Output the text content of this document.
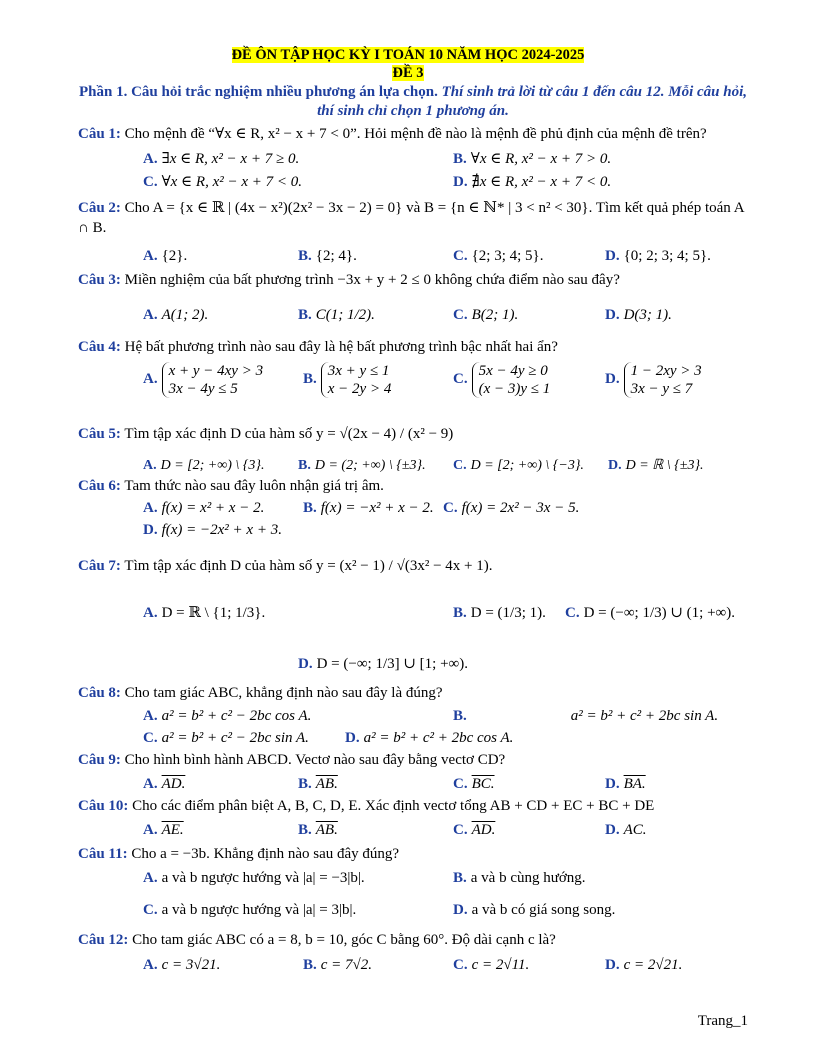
ĐỀ ÔN TẬP HỌC KỲ I TOÁN 10 NĂM HỌC 2024-2025
ĐỀ 3
Phần 1. Câu hỏi trắc nghiệm nhiều phương án lựa chọn. Thí sinh trả lời từ câu 1 đến câu 12. Mỗi câu hỏi, thí sinh chỉ chọn 1 phương án.
Câu 1: Cho mệnh đề “∀x ∈ R, x² − x + 7 < 0”. Hỏi mệnh đề nào là mệnh đề phủ định của mệnh đề trên?
A. ∃x ∈ R, x² − x + 7 ≥ 0.	B. ∀x ∈ R, x² − x + 7 > 0.
C. ∀x ∈ R, x² − x + 7 < 0.	D. ∄x ∈ R, x² − x + 7 < 0.
Câu 2: Cho A = {x ∈ ℝ | (4x − x²)(2x² − 3x − 2) = 0} và B = {n ∈ ℕ* | 3 < n² < 30}. Tìm kết quả phép toán A ∩ B.
A. {2}.	B. {2; 4}.	C. {2; 3; 4; 5}.	D. {0; 2; 3; 4; 5}.
Câu 3: Miền nghiệm của bất phương trình −3x + y + 2 ≤ 0 không chứa điểm nào sau đây?
A. A(1; 2).	B. C(1; 1/2).	C. B(2; 1).	D. D(3; 1).
Câu 4: Hệ bất phương trình nào sau đây là hệ bất phương trình bậc nhất hai ẩn?
A.
x + y − 4xy > 3
3x − 4y ≤ 5
B.
3x + y ≤ 1
x − 2y > 4
C.
5x − 4y ≥ 0
(x − 3)y ≤ 1
D.
1 − 2xy > 3
3x − y ≤ 7
Câu 5: Tìm tập xác định D của hàm số y = √(2x − 4) / (x² − 9)
A. D = [2; +∞) \ {3}. B. D = (2; +∞) \ {±3}. C. D = [2; +∞) \ {−3}. D. D = ℝ \ {±3}.
Câu 6: Tam thức nào sau đây luôn nhận giá trị âm.
A. f(x) = x² + x − 2.	B. f(x) = −x² + x − 2. C. f(x) = 2x² − 3x − 5.
D. f(x) = −2x² + x + 3.
Câu 7: Tìm tập xác định D của hàm số y = (x² − 1) / √(3x² − 4x + 1).
A. D = ℝ \ {1; 1/3}.	B. D = (1/3; 1). C. D = (−∞; 1/3) ∪ (1; +∞).
D. D = (−∞; 1/3] ∪ [1; +∞).
Câu 8: Cho tam giác ABC, khẳng định nào sau đây là đúng?
A. a² = b² + c² − 2bc cos A.	B.	a² = b² + c² + 2bc sin A.
C. a² = b² + c² − 2bc sin A. D. a² = b² + c² + 2bc cos A.
Câu 9: Cho hình bình hành ABCD. Vectơ nào sau đây bằng vectơ CD?
A. AD.	B. AB.	C. BC.	D. BA.
Câu 10: Cho các điểm phân biệt A, B, C, D, E. Xác định vectơ tổng AB + CD + EC + BC + DE
A. AE.	B. AB.	C. AD.	D. AC.
Câu 11: Cho a = −3b. Khẳng định nào sau đây đúng?
A. a và b ngược hướng và |a| = −3|b|.	B. a và b cùng hướng.
C. a và b ngược hướng và |a| = 3|b|.	D. a và b có giá song song.
Câu 12: Cho tam giác ABC có a = 8, b = 10, góc C bằng 60°. Độ dài cạnh c là?
A. c = 3√21.	B. c = 7√2.	C. c = 2√11.	D. c = 2√21.
Trang_1
